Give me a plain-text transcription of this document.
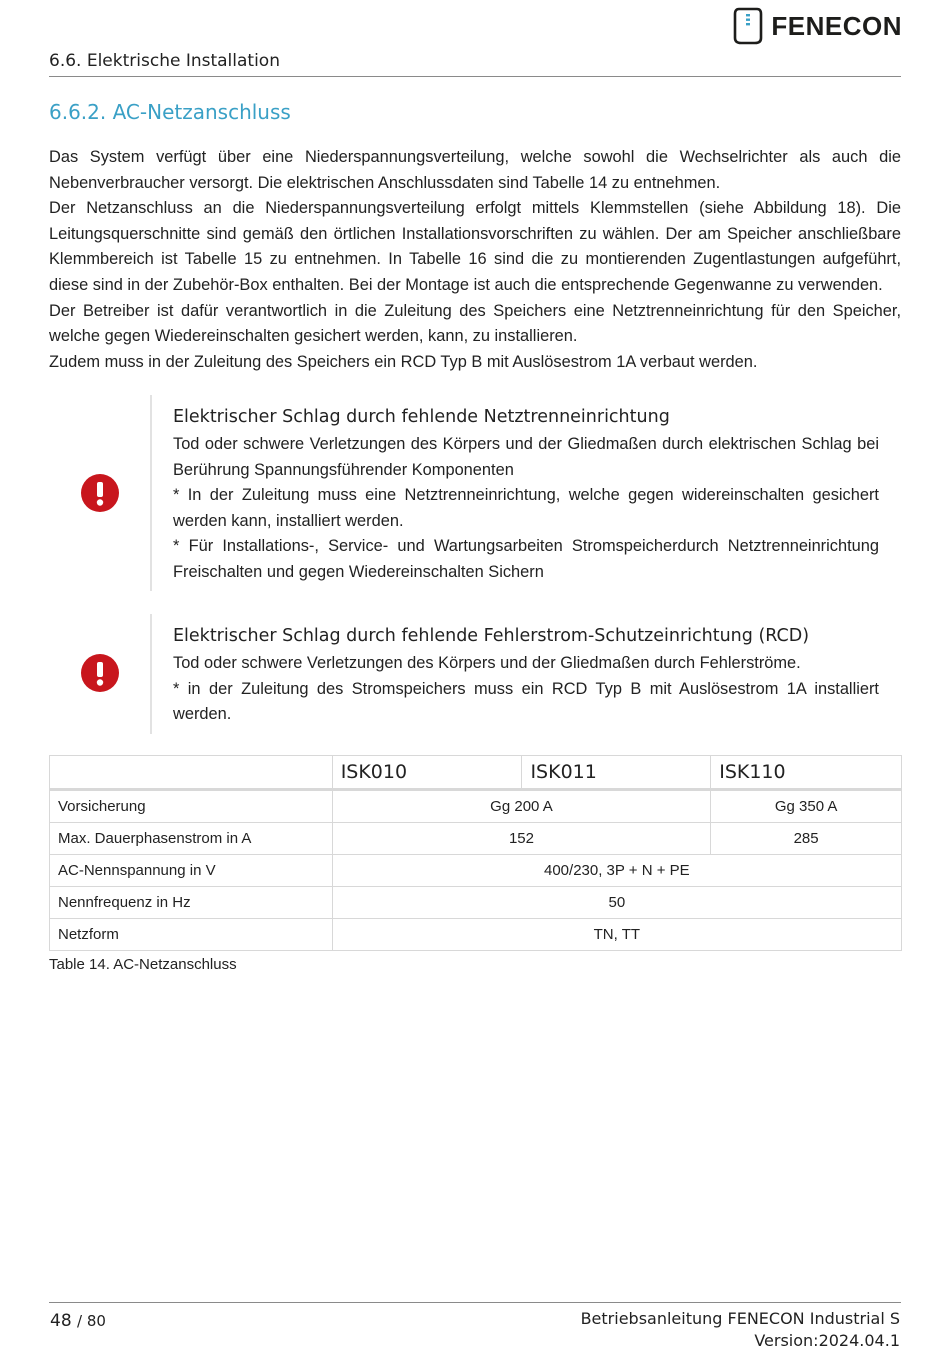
FENECON
6.6. Elektrische Installation
6.6.2. AC-Netzanschluss

Das System verfügt über eine Niederspannungsverteilung, welche sowohl die Wechselrichter als auch die Nebenverbraucher versorgt. Die elektrischen Anschlussdaten sind Tabelle 14 zu entnehmen.

Der Netzanschluss an die Niederspannungsverteilung erfolgt mittels Klemmstellen (siehe Abbildung 18). Die Leitungsquerschnitte sind gemäß den örtlichen Installationsvorschriften zu wählen. Der am Speicher anschließbare Klemmbereich ist Tabelle 15 zu entnehmen. In Tabelle 16 sind die zu montierenden Zugentlastungen aufgeführt, diese sind in der Zubehör-Box enthalten. Bei der Montage ist auch die entsprechende Gegenwanne zu verwenden.

Der Betreiber ist dafür verantwortlich in die Zuleitung des Speichers eine Netztrenneinrichtung für den Speicher, welche gegen Wiedereinschalten gesichert werden, kann, zu installieren.

Zudem muss in der Zuleitung des Speichers ein RCD Typ B mit Auslösestrom 1A verbaut werden.

Elektrischer Schlag durch fehlende Netztrenneinrichtung

Tod oder schwere Verletzungen des Körpers und der Gliedmaßen durch elektrischen Schlag bei Berührung Spannungsführender Komponenten

* In der Zuleitung muss eine Netztrenneinrichtung, welche gegen widereinschalten gesichert werden kann, installiert werden.

* Für Installations-, Service- und Wartungsarbeiten Stromspeicherdurch Netztrenneinrichtung Freischalten und gegen Wiedereinschalten Sichern

Elektrischer Schlag durch fehlende Fehlerstrom-Schutzeinrichtung (RCD)

Tod oder schwere Verletzungen des Körpers und der Gliedmaßen durch Fehlerströme.

* in der Zuleitung des Stromspeichers muss ein RCD Typ B mit Auslösestrom 1A installiert werden.

	ISK010	ISK011	ISK110
Vorsicherung	Gg 200 A		Gg 350 A
Max. Dauerphasenstrom in A	152		285
AC-Nennspannung in V	400/230, 3P + N + PE		
Nennfrequenz in Hz	50		
Netzform	TN, TT		
Table 14. AC-Netzanschluss
48 / 80	Betriebsanleitung FENECON Industrial S
Version:2024.04.1
